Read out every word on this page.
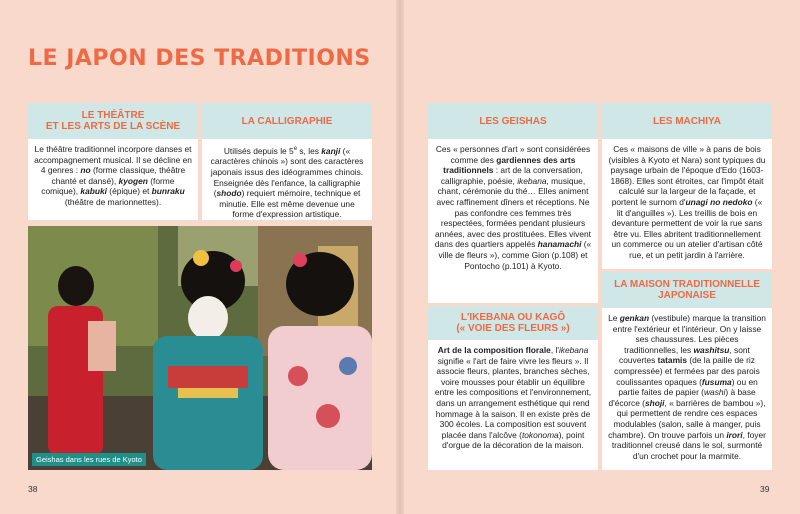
LE JAPON DES TRADITIONS
LE THÉÂTRE
ET LES ARTS DE LA SCÈNE
Le théâtre traditionnel incorpore danses et accompagnement musical. Il se décline en 4 genres : no (forme classique, théâtre chanté et dansé), kyogen (forme comique), kabuki (épique) et bunraku (théâtre de marionnettes).
LA CALLIGRAPHIE
Utilisés depuis le 5e s, les kanji (« caractères chinois ») sont des caractères japonais issus des idéogrammes chinois. Enseignée dès l'enfance, la calligraphie (shodo) requiert mémoire, technique et minutie. Elle est même devenue une forme d'expression artistique.
Geishas dans les rues de Kyoto
LES GEISHAS
Ces « personnes d'art » sont considérées comme des gardiennes des arts traditionnels : art de la conversation, calligraphie, poésie, ikebana, musique, chant, cérémonie du thé… Elles animent avec raffinement dîners et réceptions. Ne pas confondre ces femmes très respectées, formées pendant plusieurs années, avec des prostituées. Elles vivent dans des quartiers appelés hanamachi (« ville de fleurs »), comme Gion (p.108) et Pontocho (p.101) à Kyoto.
L'IKEBANA OU KAGÔ
(« VOIE DES FLEURS »)
Art de la composition florale, l'ikebana signifie « l'art de faire vivre les fleurs ». Il associe fleurs, plantes, branches sèches, voire mousses pour établir un équilibre entre les compositions et l'environnement, dans un arrangement esthétique qui rend hommage à la saison. Il en existe près de 300 écoles. La composition est souvent placée dans l'alcôve (tokonoma), point d'orgue de la décoration de la maison.
LES MACHIYA
Ces « maisons de ville » à pans de bois (visibles à Kyoto et Nara) sont typiques du paysage urbain de l'époque d'Edo (1603-1868). Elles sont étroites, car l'impôt était calculé sur la largeur de la façade, et portent le surnom d'unagi no nedoko (« lit d'anguilles »). Les treillis de bois en devanture permettent de voir la rue sans être vu. Elles abritent traditionnellement un commerce ou un atelier d'artisan côté rue, et un petit jardin à l'arrière.
LA MAISON TRADITIONNELLE
JAPONAISE
Le genkan (vestibule) marque la transition entre l'extérieur et l'intérieur. On y laisse ses chaussures. Les pièces traditionnelles, les washitsu, sont couvertes tatamis (de la paille de riz compressée) et fermées par des parois coulissantes opaques (fusuma) ou en partie faites de papier (washi) à base d'écorce (shoji, « barrières de bambou »), qui permettent de rendre ces espaces modulables (salon, salle à manger, puis chambre). On trouve parfois un irori, foyer traditionnel creusé dans le sol, surmonté d'un crochet pour la marmite.
38	39
